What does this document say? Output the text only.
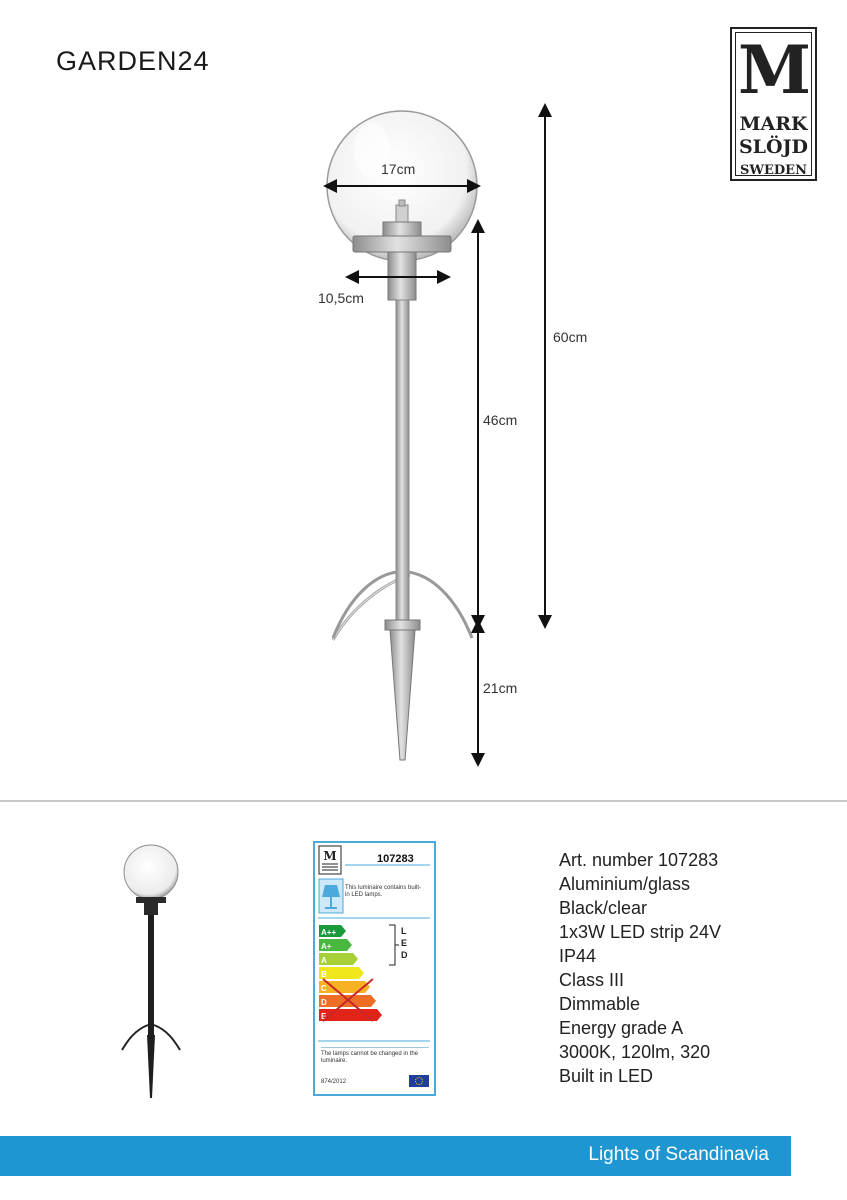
GARDEN24	M
MARK
SLÖJD
SWEDEN
17cm
10,5cm
60cm
46cm
21cm
M
A++
A+
A
B
C
D
E
107283
This luminaire contains built-in LED lamps.
L
E
D
The lamps cannot be changed in the luminaire.
874/2012
Art. number 107283
Aluminium/glass
Black/clear
1x3W LED strip 24V
IP44
Class III
Dimmable
Energy grade A
3000K, 120lm, 320
Built in LED
Lights of Scandinavia
